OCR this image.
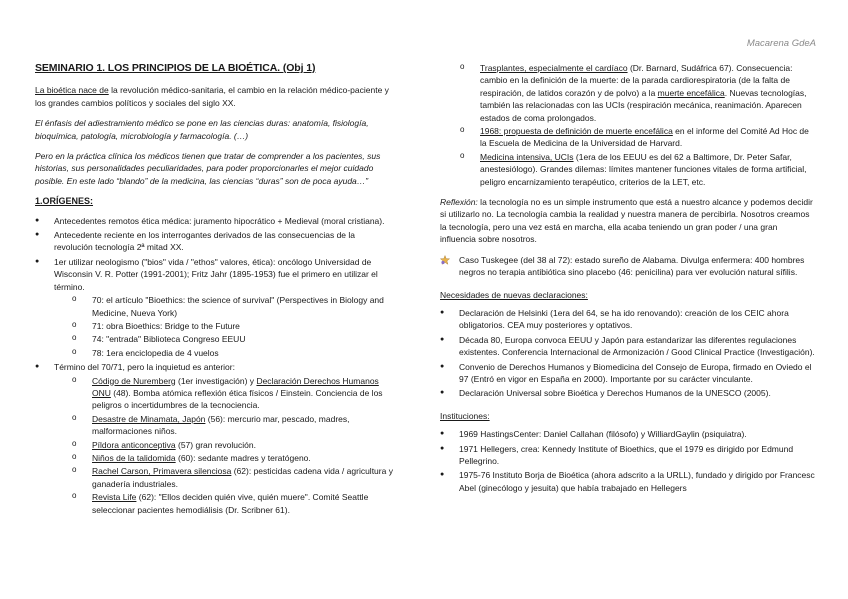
Macarena GdeA
SEMINARIO 1. LOS PRINCIPIOS DE LA BIOÉTICA. (Obj 1)

La bioética nace de la revolución médico-sanitaria, el cambio en la relación médico-paciente y los grandes cambios políticos y sociales del siglo XX.

El énfasis del adiestramiento médico se pone en las ciencias duras: anatomía, fisiología, bioquímica, patología, microbiología y farmacología. (…)

Pero en la práctica clínica los médicos tienen que tratar de comprender a los pacientes, sus historias, sus personalidades peculiaridades, para poder proporcionarles el mejor cuidado posible. En este lado “blando” de la medicina, las ciencias “duras” son de poca ayuda…”

1.ORÍGENES:
● Antecedentes remotos ética médica: juramento hipocrático + Medieval (moral cristiana).
● Antecedente reciente en los interrogantes derivados de las consecuencias de la revolución tecnología 2ª mitad XX.
● 1er utilizar neologismo ("bios" vida / "ethos" valores, ética): oncólogo Universidad de Wisconsin V. R. Potter (1991-2001); Fritz Jahr (1895-1953) fue el primero en utilizar el término.
o 70: el artículo "Bioethics: the science of survival" (Perspectives in Biology and Medicine, Nueva York)
o 71: obra Bioethics: Bridge to the Future
o 74: "entrada" Biblioteca Congreso EEUU
o 78: 1era enciclopedia de 4 vuelos
● Término del 70/71, pero la inquietud es anterior:
o Código de Nuremberg (1er investigación) y Declaración Derechos Humanos ONU (48). Bomba atómica reflexión ética físicos / Einstein. Conciencia de los peligros o incertidumbres de la tecnociencia.
o Desastre de Minamata, Japón (56): mercurio mar, pescado, madres, malformaciones niños.
o Píldora anticonceptiva (57) gran revolución.
o Niños de la talidomida (60): sedante madres y teratógeno.
o Rachel Carson, Primavera silenciosa (62): pesticidas cadena vida / agricultura y ganadería industriales.
o Revista Life (62): "Ellos deciden quién vive, quién muere". Comité Seattle seleccionar pacientes hemodiálisis (Dr. Scribner 61).
o Trasplantes, especialmente el cardíaco (Dr. Barnard, Sudáfrica 67). Consecuencia: cambio en la definición de la muerte: de la parada cardiorespiratoria (de la falta de respiración, de latidos corazón y de polvo) a la muerte encefálica. Nuevas tecnologías, también las relacionadas con las UCIs (respiración mecánica, reanimación. Aparecen estados de coma prolongados.
o 1968: propuesta de definición de muerte encefálica en el informe del Comité Ad Hoc de la Escuela de Medicina de la Universidad de Harvard.
o Medicina intensiva, UCIs (1era de los EEUU es del 62 a Baltimore, Dr. Peter Safar, anestesiólogo). Grandes dilemas: límites mantener funciones vitales de forma artificial, peligro encarnizamiento terapéutico, criterios de la LET, etc.

Reflexión: la tecnología no es un simple instrumento que está a nuestro alcance y podemos decidir si utilizarlo no. La tecnología cambia la realidad y nuestra manera de percibirla. Nosotros creamos la tecnología, pero una vez está en marcha, ella acaba teniendo un gran poder / una gran influencia sobre nosotros.

Caso Tuskegee (del 38 al 72): estado sureño de Alabama. Divulga enfermera: 400 hombres negros no terapia antibiótica sino placebo (46: penicilina) para ver evolución natural sífilis.
Necesidades de nuevas declaraciones:
● Declaración de Helsinki (1era del 64, se ha ido renovando): creación de los CEIC ahora obligatorios. CEA muy posteriores y optativos.
● Década 80, Europa convoca EEUU y Japón para estandarizar las diferentes regulaciones existentes. Conferencia Internacional de Armonización / Good Clinical Practice (Investigación).
● Convenio de Derechos Humanos y Biomedicina del Consejo de Europa, firmado en Oviedo el 97 (Entró en vigor en España en 2000). Importante por su carácter vinculante.
● Declaración Universal sobre Bioética y Derechos Humanos de la UNESCO (2005).
Instituciones:
● 1969 HastingsCenter: Daniel Callahan (filósofo) y WilliardGaylin (psiquiatra).
● 1971 Hellegers, crea: Kennedy Institute of Bioethics, que el 1979 es dirigido por Edmund Pellegrino.
● 1975-76 Instituto Borja de Bioética (ahora adscrito a la URLL), fundado y dirigido por Francesc Abel (ginecólogo y jesuita) que había trabajado en Hellegers
